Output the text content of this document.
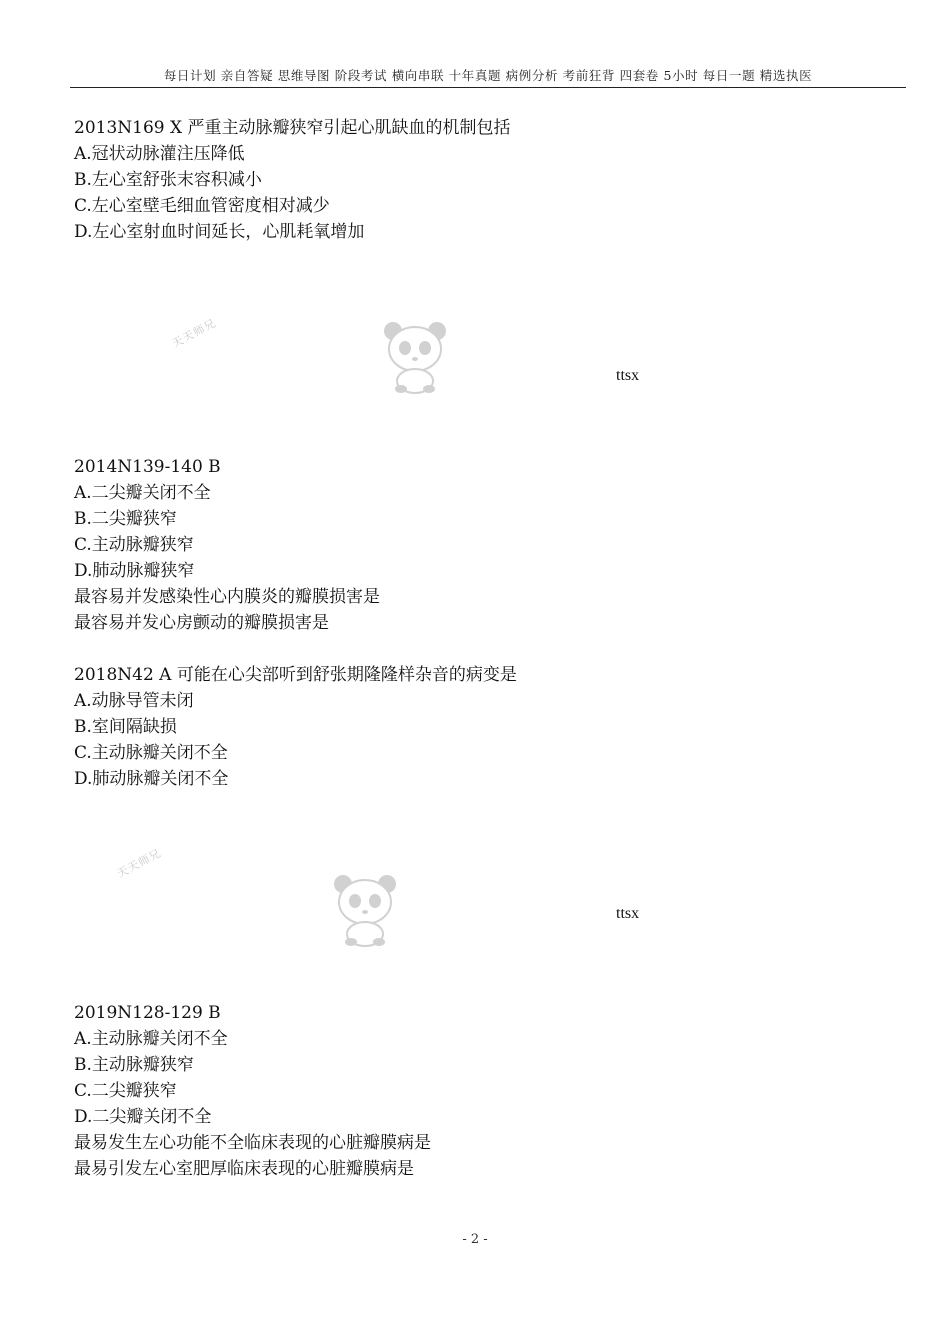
每日计划 亲自答疑 思维导图 阶段考试 横向串联 十年真题 病例分析 考前狂背 四套卷 5小时 每日一题 精选执医
2013N169 X 严重主动脉瓣狭窄引起心肌缺血的机制包括
A.冠状动脉灌注压降低
B.左心室舒张末容积减小
C.左心室壁毛细血管密度相对减少
D.左心室射血时间延长，心肌耗氧增加
天天师兄
ttsx
2014N139-140 B
A.二尖瓣关闭不全
B.二尖瓣狭窄
C.主动脉瓣狭窄
D.肺动脉瓣狭窄
最容易并发感染性心内膜炎的瓣膜损害是
最容易并发心房颤动的瓣膜损害是
2018N42 A 可能在心尖部听到舒张期隆隆样杂音的病变是
A.动脉导管未闭
B.室间隔缺损
C.主动脉瓣关闭不全
D.肺动脉瓣关闭不全
天天师兄
ttsx
2019N128-129 B
A.主动脉瓣关闭不全
B.主动脉瓣狭窄
C.二尖瓣狭窄
D.二尖瓣关闭不全
最易发生左心功能不全临床表现的心脏瓣膜病是
最易引发左心室肥厚临床表现的心脏瓣膜病是
- 2 -
